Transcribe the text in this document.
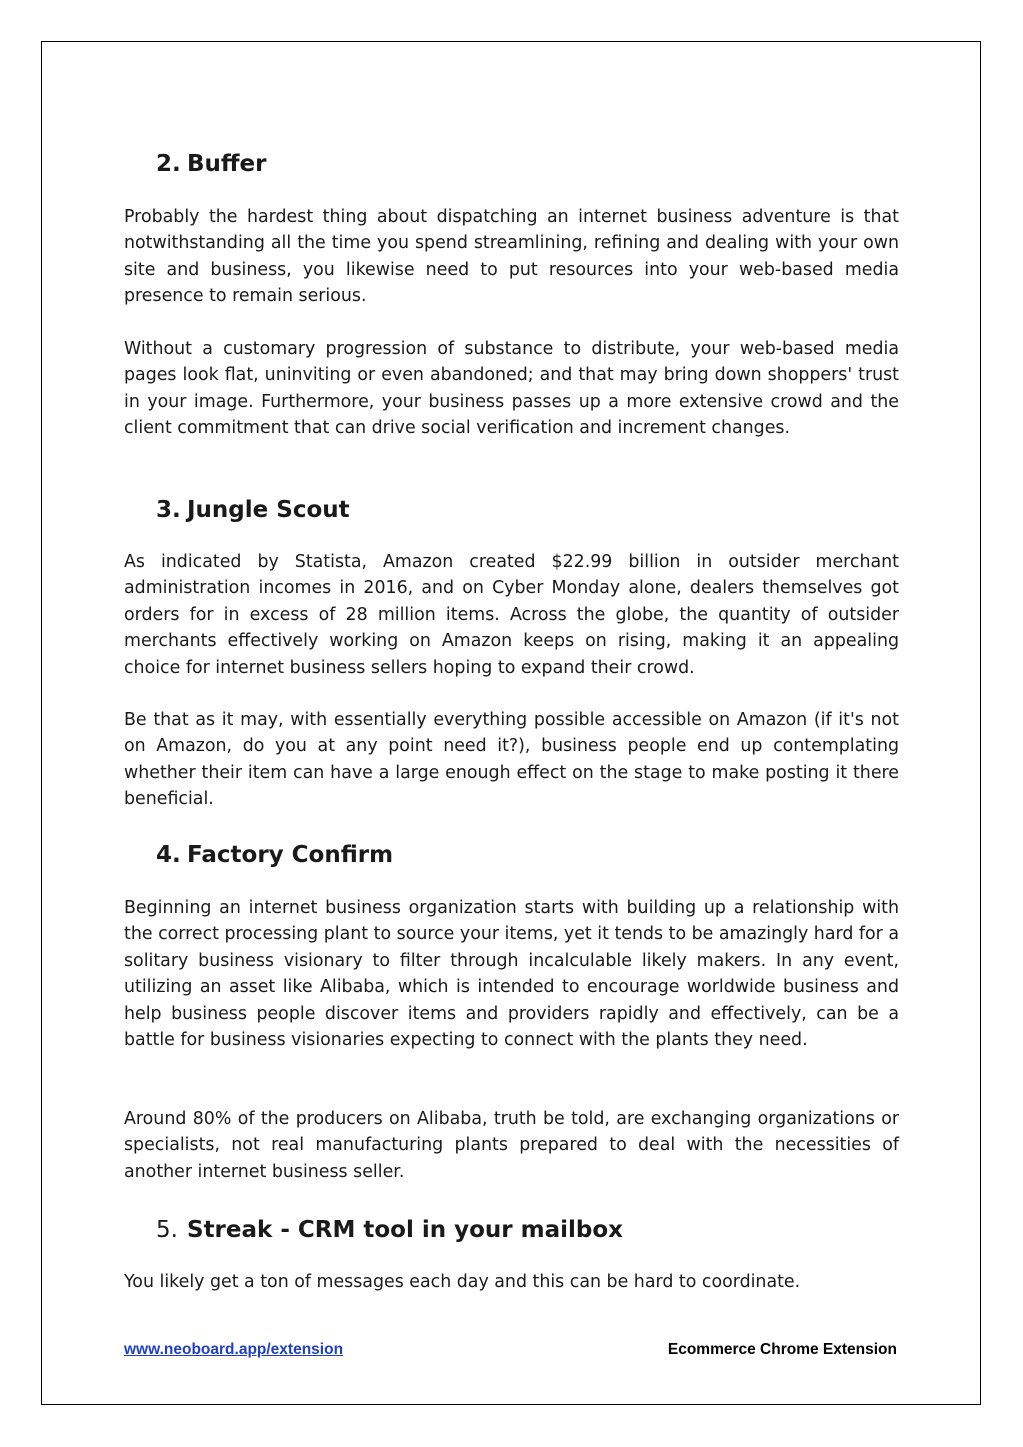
2. Buffer

Probably the hardest thing about dispatching an internet business adventure is that notwithstanding all the time you spend streamlining, refining and dealing with your own site and business, you likewise need to put resources into your web-based media presence to remain serious.

Without a customary progression of substance to distribute, your web-based media pages look flat, uninviting or even abandoned; and that may bring down shoppers' trust in your image. Furthermore, your business passes up a more extensive crowd and the client commitment that can drive social verification and increment changes.

3. Jungle Scout

As indicated by Statista, Amazon created $22.99 billion in outsider merchant administration incomes in 2016, and on Cyber Monday alone, dealers themselves got orders for in excess of 28 million items. Across the globe, the quantity of outsider merchants effectively working on Amazon keeps on rising, making it an appealing choice for internet business sellers hoping to expand their crowd.

Be that as it may, with essentially everything possible accessible on Amazon (if it's not on Amazon, do you at any point need it?), business people end up contemplating whether their item can have a large enough effect on the stage to make posting it there beneficial.

4. Factory Confirm

Beginning an internet business organization starts with building up a relationship with the correct processing plant to source your items, yet it tends to be amazingly hard for a solitary business visionary to filter through incalculable likely makers. In any event, utilizing an asset like Alibaba, which is intended to encourage worldwide business and help business people discover items and providers rapidly and effectively, can be a battle for business visionaries expecting to connect with the plants they need.

Around 80% of the producers on Alibaba, truth be told, are exchanging organizations or specialists, not real manufacturing plants prepared to deal with the necessities of another internet business seller.

5. Streak - CRM tool in your mailbox

You likely get a ton of messages each day and this can be hard to coordinate.

www.neoboard.app/extension	Ecommerce Chrome Extension
